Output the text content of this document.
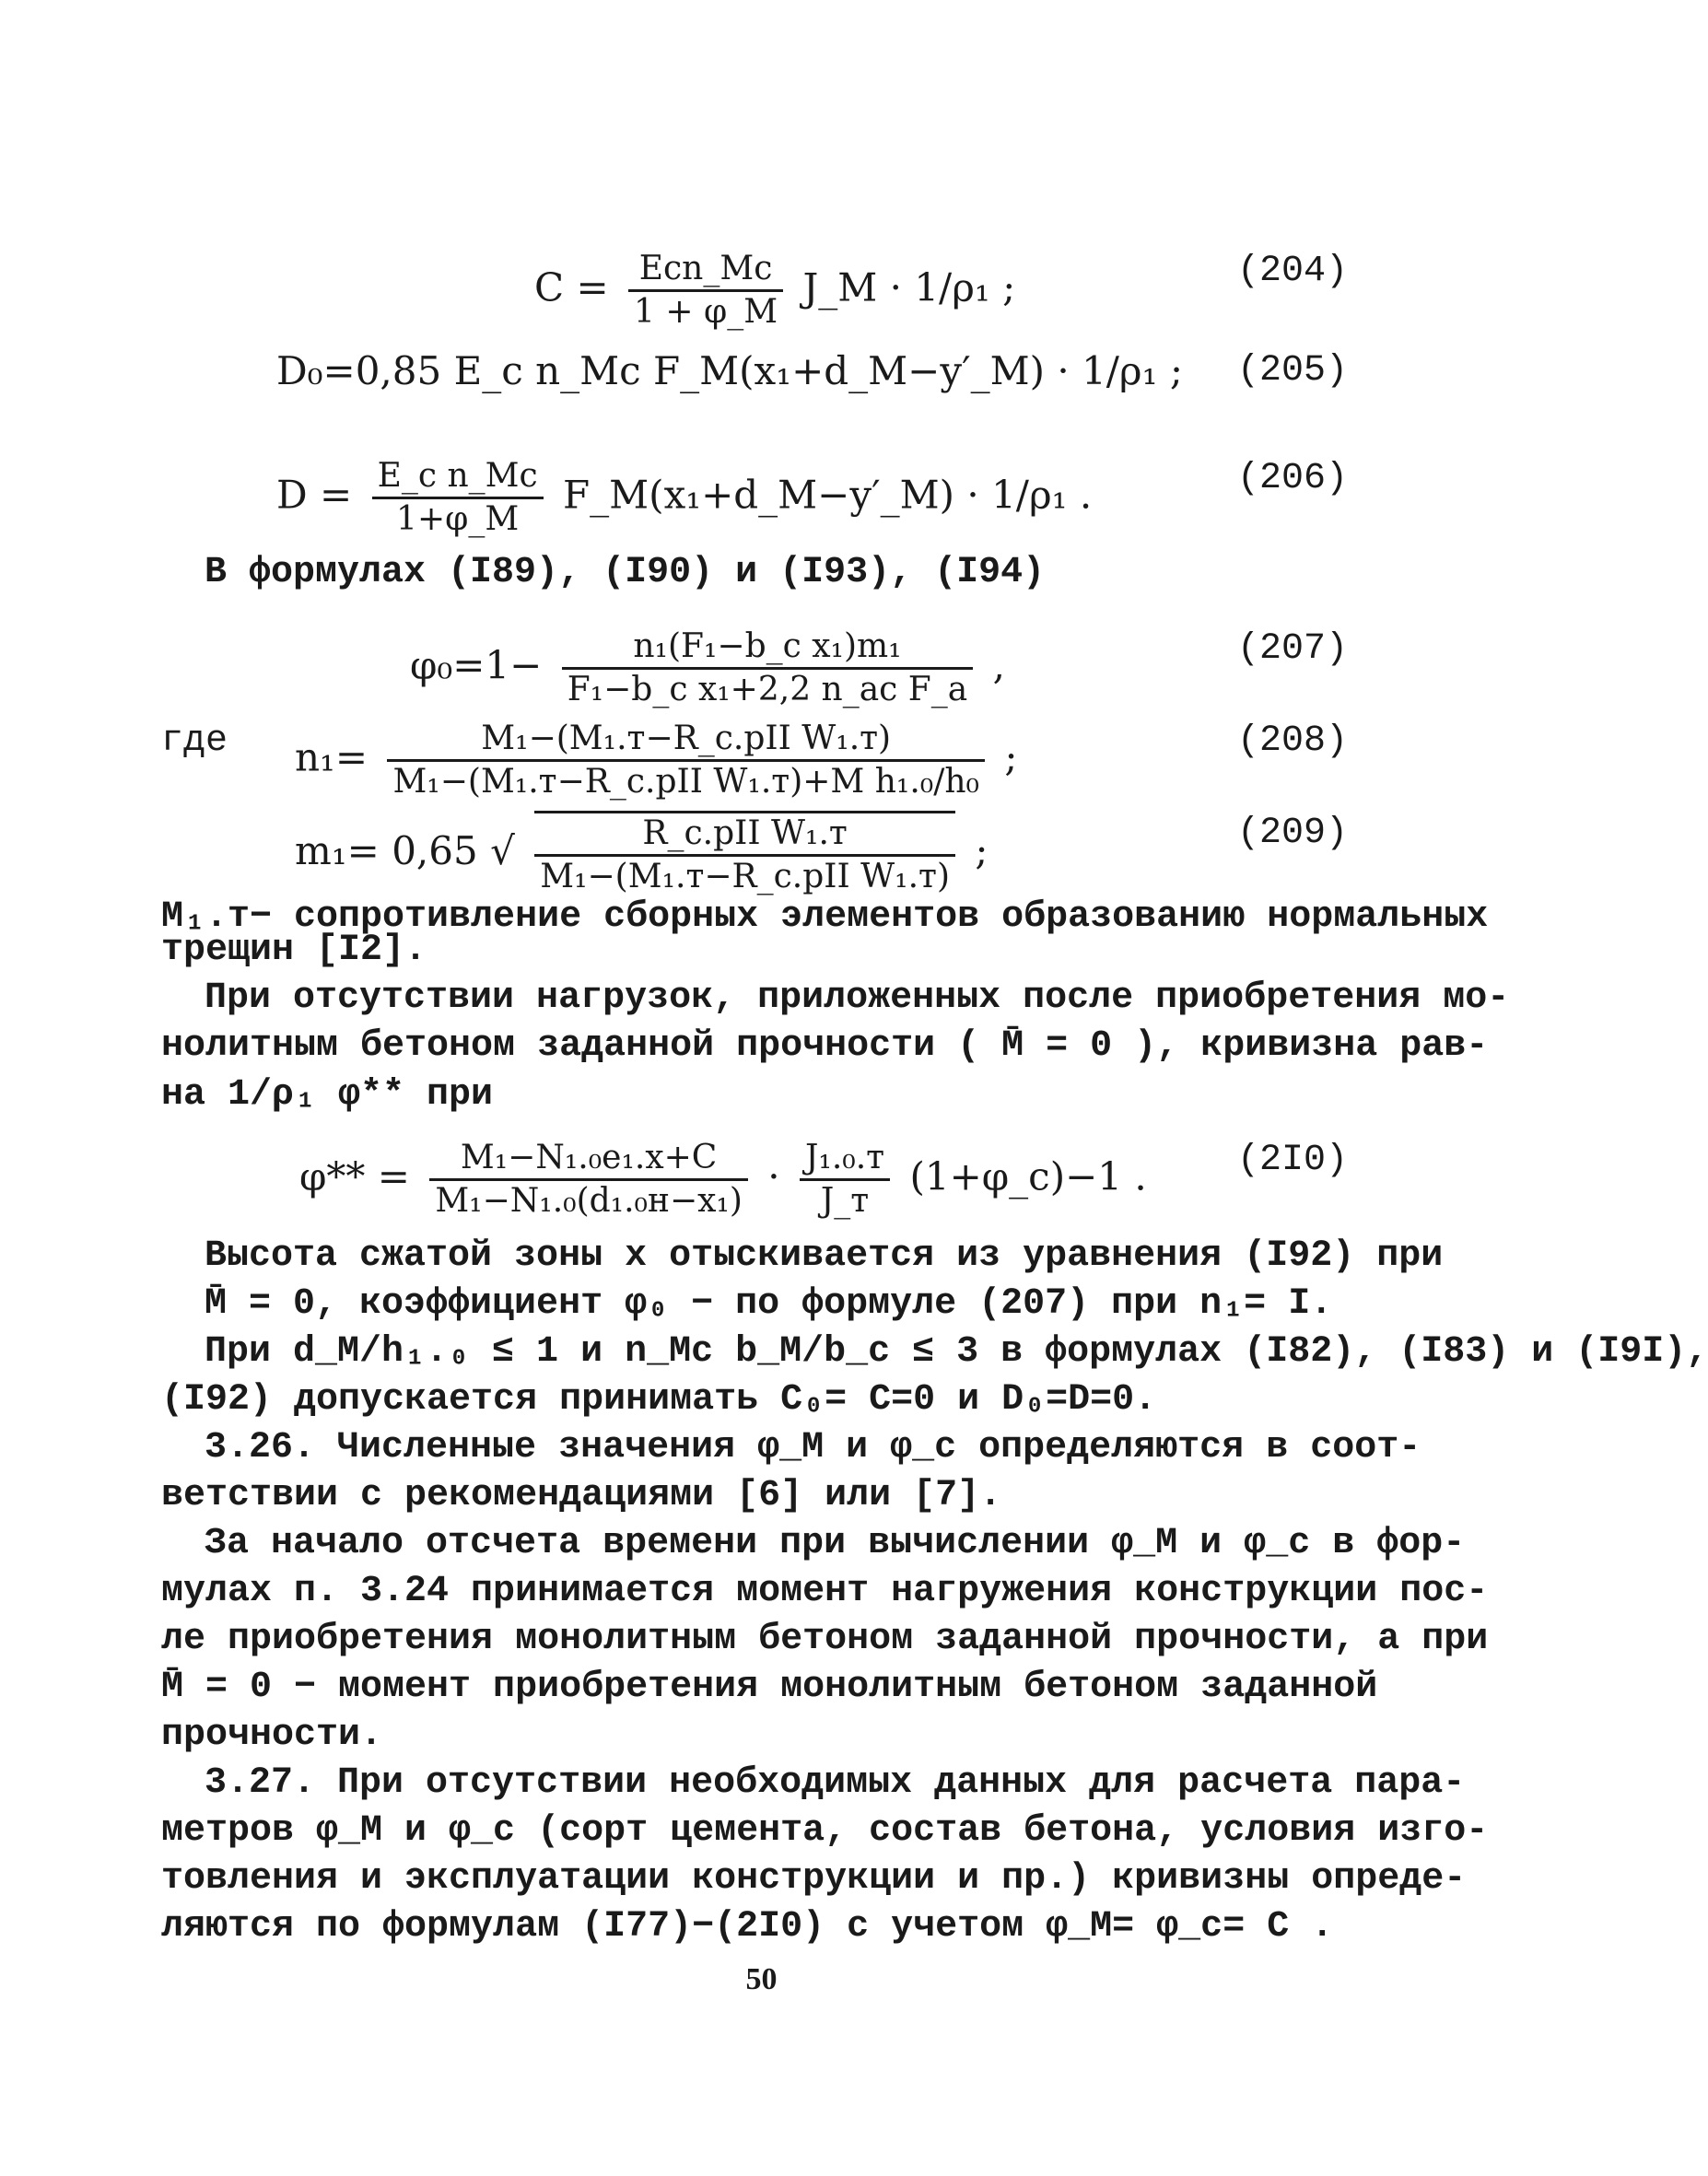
$C = \frac{\text{Ecn\_Mc}}{1 + \varphi\_M}$ J_M · 1/ρ₁ ;	(204)
D₀=0,85 E_c n_Mc F_M(x₁+d_M−y′_M) · 1/ρ₁ ; (205)
$D = \frac{\text{E\_c n\_Mc}}{1+\varphi\_M}$ F_M(x₁+d_M−y′_M) · 1/ρ₁ .	(206)
В формулах (I89), (I90) и (I93), (I94)
$\varphi_0=1- \frac{\text{n₁(F₁−b\_c x₁)m₁}}{\text{F₁−b\_c x₁+2,2 n\_ac F\_a}}$ ,	(207)
где $n_1= \frac{\text{M₁−(M₁.т−R\_c.pII W₁.т)}}{\text{M₁−(M₁.т−R\_c.pII W₁.т)+M h₁.₀/h₀}}$ ;	(208)
m₁= 0,65 √ $\frac{\text{R\_c.pII W₁.т}}{\text{M₁−(M₁.т−R\_c.pII W₁.т)}}$ ;	(209)
M₁.т− сопротивление сборных элементов образованию нормальных
трещин [I2].
При отсутствии нагрузок, приложенных после приобретения мо-
нолитным бетоном заданной прочности ( M̄ = 0 ), кривизна рав-
на 1/ρ₁ φ** при
$\varphi** = \frac{\text{M₁−N₁.₀e₁.x+C}}{\text{M₁−N₁.₀(d₁.₀н−x₁)}} \cdot \frac{\text{J₁.₀.т}}{J\_т}$ (1+φ_c)−1 . (2I0)
Высота сжатой зоны x отыскивается из уравнения (I92) при
M̄ = 0, коэффициент φ₀ − по формуле (207) при n₁= I.
При d_M/h₁.₀ ≤ 1 и n_Mc b_M/b_c ≤ 3 в формулах (I82), (I83) и (I9I),
(I92) допускается принимать C₀= C=0 и D₀=D=0.
3.26. Численные значения φ_M и φ_c определяются в соот-
ветствии с рекомендациями [6] или [7].
За начало отсчета времени при вычислении φ_M и φ_c в фор-
мулах п. 3.24 принимается момент нагружения конструкции пос-
ле приобретения монолитным бетоном заданной прочности, а при
M̄ = 0 − момент приобретения монолитным бетоном заданной
прочности.
3.27. При отсутствии необходимых данных для расчета пара-
метров φ_M и φ_c (сорт цемента, состав бетона, условия изго-
товления и эксплуатации конструкции и пр.) кривизны опреде-
ляются по формулам (I77)−(2I0) с учетом φ_M= φ_c= C .
50
